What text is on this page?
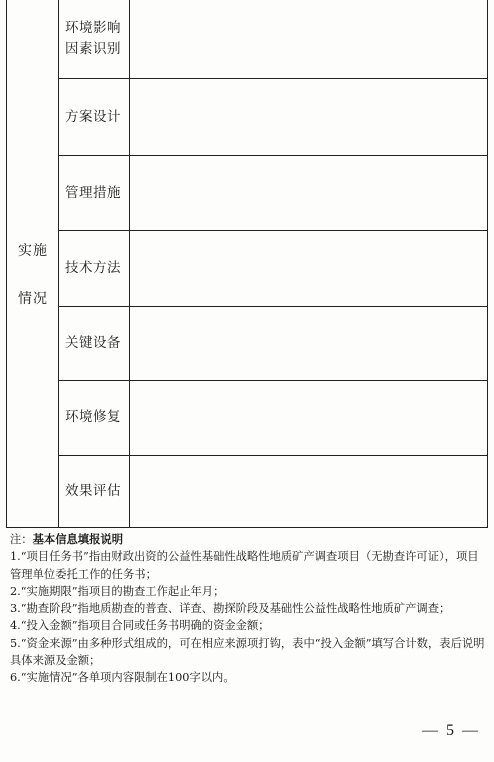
实施
情况
环境影响
因素识别
方案设计
管理措施
技术方法
关键设备
环境修复
效果评估

注：基本信息填报说明

1.“项目任务书”指由财政出资的公益性基础性战略性地质矿产调查项目（无勘查许可证），项目管理单位委托工作的任务书；

2.“实施期限”指项目的勘查工作起止年月；

3.“勘查阶段”指地质勘查的普查、详查、勘探阶段及基础性公益性战略性地质矿产调查；

4.“投入金额”指项目合同或任务书明确的资金金额；

5.“资金来源”由多种形式组成的，可在相应来源项打钩，表中“投入金额”填写合计数，表后说明具体来源及金额；

6.“实施情况”各单项内容限制在100字以内。

— 5 —
